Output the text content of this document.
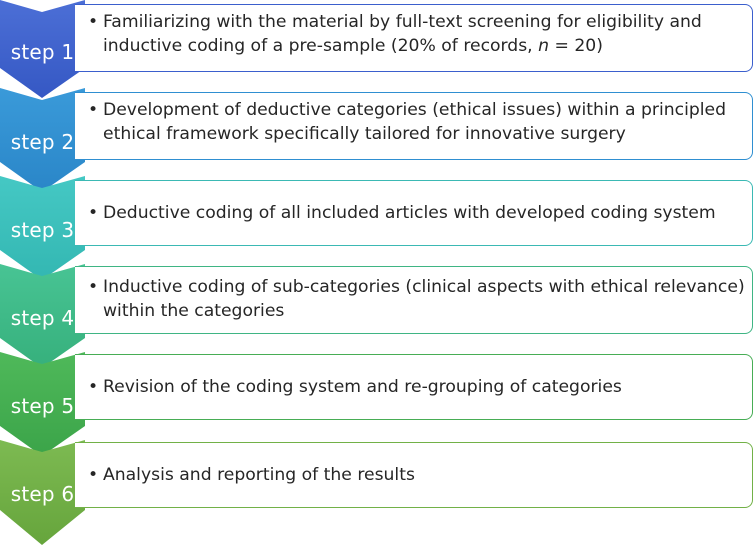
step 1
• Familiarizing with the material by full-text screening for eligibility and inductive coding of a pre-sample (20% of records, n = 20)
step 2
• Development of deductive categories (ethical issues) within a principled ethical framework specifically tailored for innovative surgery
step 3
• Deductive coding of all included articles with developed coding system
step 4
• Inductive coding of sub-categories (clinical aspects with ethical relevance) within the categories
step 5
• Revision of the coding system and re-grouping of categories
step 6
• Analysis and reporting of the results
